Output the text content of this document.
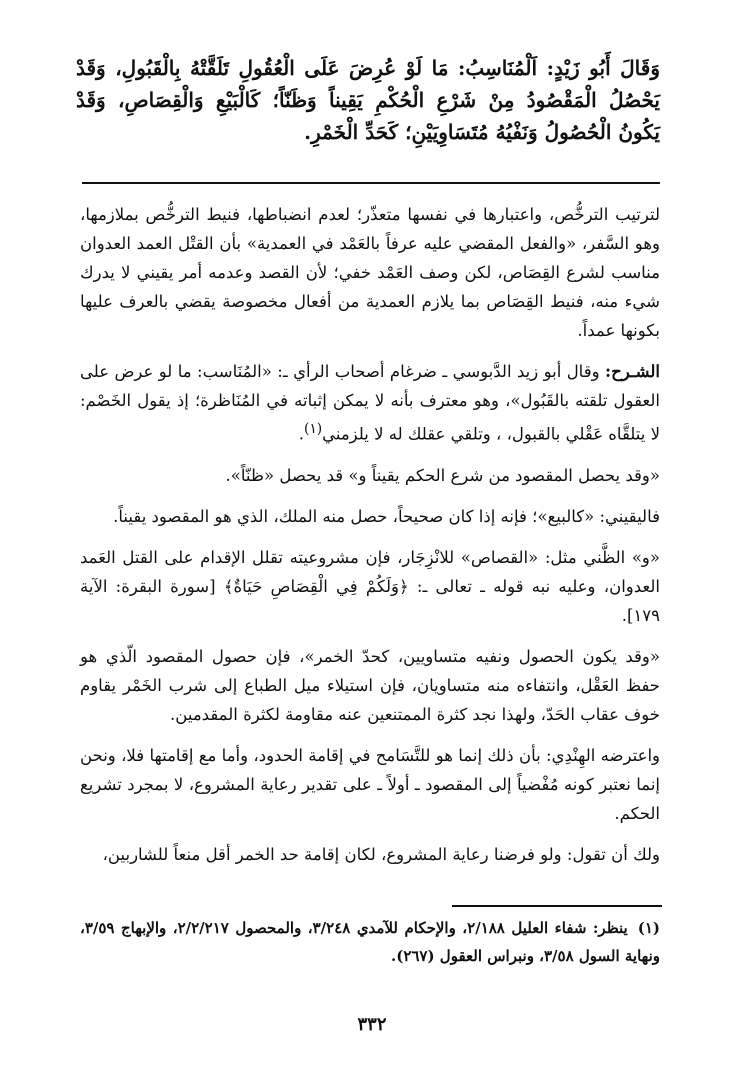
وَقَالَ أَبُو زَيْدٍ: اَلْمُنَاسِبُ: مَا لَوْ عُرِضَ عَلَى الْعُقُولِ تَلَقَّتْهُ بِالْقَبُولِ، وَقَدْ يَحْصُلُ الْمَقْصُودُ مِنْ شَرْعِ الْحُكْمِ يَقِيناً وَظَنّاً؛ كَالْبَيْعِ وَالْقِصَاصِ، وَقَدْ يَكُونُ الْحُصُولُ وَنَفْيُهُ مُتَسَاوِيَيْنِ؛ كَحَدِّ الْخَمْرِ.

لترتيب الترخُّص، واعتبارها في نفسها متعذّر؛ لعدم انضباطها، فنيط الترخُّص بملازمها، وهو السَّفر، «والفعل المقضي عليه عرفاً بالعَمْد في العمدية» بأن القتْل العمد العدوان مناسب لشرع القِصَاص، لكن وصف العَمْد خفي؛ لأن القصد وعدمه أمر يقيني لا يدرك شيء منه، فنيط القِصَاص بما يلازم العمدية من أفعال مخصوصة يقضي بالعرف عليها بكونها عمداً.

الشـرح: وقال أبو زيد الدَّبوسي ـ ضرغام أصحاب الرأي ـ: «المُنَاسب: ما لو عرض على العقول تلقته بالقَبُول»، وهو معترف بأنه لا يمكن إثباته في المُنَاظرة؛ إذ يقول الخَصْم: لا يتلقَّاه عَقْلي بالقبول، ، وتلقي عقلك له لا يلزمني$^{(١)}$.

«وقد يحصل المقصود من شرع الحكم يقيناً و» قد يحصل «ظنّاً».

فاليقيني: «كالبيع»؛ فإنه إذا كان صحيحاً، حصل منه الملك، الذي هو المقصود يقيناً.

«و» الظَّني مثل: «القصاص» للانْزِجَار، فإن مشروعيته تقلل الإقدام على القتل العَمد العدوان، وعليه نبه قوله ـ تعالى ـ: ﴿وَلَكُمْ فِي الْقِصَاصِ حَيَاةٌ﴾ [سورة البقرة: الآية ١٧٩].

«وقد يكون الحصول ونفيه متساويين، كحدّ الخمر»، فإن حصول المقصود الّذي هو حفظ العَقْل، وانتفاءه منه متساويان، فإن استيلاء ميل الطباع إلى شرب الخَمْر يقاوم خوف عقاب الحَدّ، ولهذا نجد كثرة الممتنعين عنه مقاومة لكثرة المقدمين.

واعترضه الهِنْدِي: بأن ذلك إنما هو للتَّسَامح في إقامة الحدود، وأما مع إقامتها فلا، ونحن إنما نعتبر كونه مُفْضياً إلى المقصود ـ أولاً ـ على تقدير رعاية المشروع، لا بمجرد تشريع الحكم.

ولك أن تقول: ولو فرضنا رعاية المشروع، لكان إقامة حد الخمر أقل منعاً للشاربين،

(١)ينظر: شفاء العليل ٢/١٨٨، والإحكام للآمدي ٣/٢٤٨، والمحصول ٢/٢/٢١٧، والإبهاج ٣/٥٩، ونهاية السول ٣/٥٨، ونبراس العقول (٢٦٧).
٣٣٢
